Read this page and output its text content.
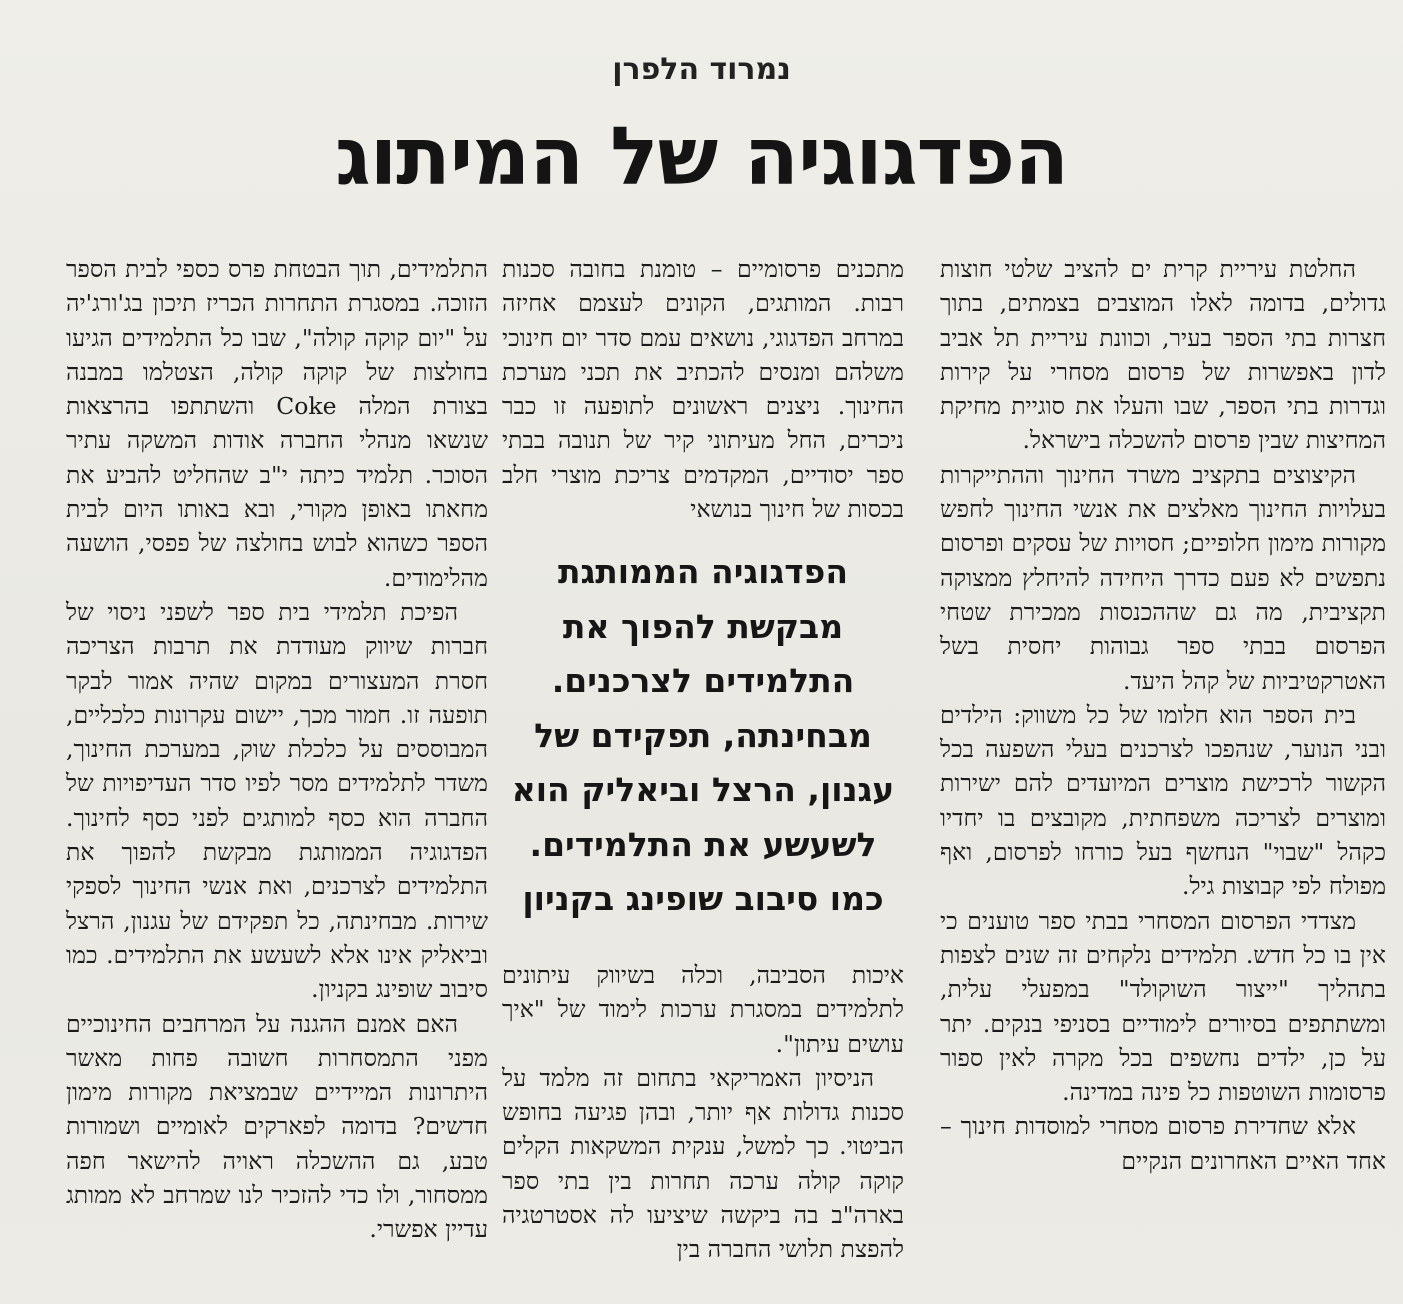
נמרוד הלפרן
הפדגוגיה של המיתוג

החלטת עיריית קרית ים להציב שלטי חוצות גדולים, בדומה לאלו המוצבים בצמתים, בתוך חצרות בתי הספר בעיר, וכוונת עיריית תל אביב לדון באפשרות של פרסום מסחרי על קירות וגדרות בתי הספר, שבו והעלו את סוגיית מחיקת המחיצות שבין פרסום להשכלה בישראל.

הקיצוצים בתקציב משרד החינוך וההתייקרות בעלויות החינוך מאלצים את אנשי החינוך לחפש מקורות מימון חלופיים; חסויות של עסקים ופרסום נתפשים לא פעם כדרך היחידה להיחלץ ממצוקה תקציבית, מה גם שההכנסות ממכירת שטחי הפרסום בבתי ספר גבוהות יחסית בשל האטרקטיביות של קהל היעד.

בית הספר הוא חלומו של כל משווק: הילדים ובני הנוער, שנהפכו לצרכנים בעלי השפעה בכל הקשור לרכישת מוצרים המיועדים להם ישירות ומוצרים לצריכה משפחתית, מקובצים בו יחדיו כקהל "שבוי" הנחשף בעל כורחו לפרסום, ואף מפולח לפי קבוצות גיל.

מצדדי הפרסום המסחרי בבתי ספר טוענים כי אין בו כל חדש. תלמידים נלקחים זה שנים לצפות בתהליך "ייצור השוקולד" במפעלי עלית, ומשתתפים בסיורים לימודיים בסניפי בנקים. יתר על כן, ילדים נחשפים בכל מקרה לאין ספור פרסומות השוטפות כל פינה במדינה.

אלא שחדירת פרסום מסחרי למוסדות חינוך – אחד האיים האחרונים הנקיים

מתכנים פרסומיים – טומנת בחובה סכנות רבות. המותגים, הקונים לעצמם אחיזה במרחב הפדגוגי, נושאים עמם סדר יום חינוכי משלהם ומנסים להכתיב את תכני מערכת החינוך. ניצנים ראשונים לתופעה זו כבר ניכרים, החל מעיתוני קיר של תנובה בבתי ספר יסודיים, המקדמים צריכת מוצרי חלב בכסות של חינוך בנושאי

איכות הסביבה, וכלה בשיווק עיתונים לתלמידים במסגרת ערכות לימוד של "איך עושים עיתון".

הניסיון האמריקאי בתחום זה מלמד על סכנות גדולות אף יותר, ובהן פגיעה בחופש הביטוי. כך למשל, ענקית המשקאות הקלים קוקה קולה ערכה תחרות בין בתי ספר בארה"ב בה ביקשה שיציעו לה אסטרטגיה להפצת תלושי החברה בין

הפדגוגיה הממותגת מבקשת להפוך את התלמידים לצרכנים. מבחינתה, תפקידם של עגנון, הרצל וביאליק הוא לשעשע את התלמידים. כמו סיבוב שופינג בקניון

התלמידים, תוך הבטחת פרס כספי לבית הספר הזוכה. במסגרת התחרות הכריז תיכון בג'ורג'יה על "יום קוקה קולה", שבו כל התלמידים הגיעו בחולצות של קוקה קולה, הצטלמו במבנה בצורת המלה Coke והשתתפו בהרצאות שנשאו מנהלי החברה אודות המשקה עתיר הסוכר. תלמיד כיתה י"ב שהחליט להביע את מחאתו באופן מקורי, ובא באותו היום לבית הספר כשהוא לבוש בחולצה של פפסי, הושעה מהלימודים.

הפיכת תלמידי בית ספר לשפני ניסוי של חברות שיווק מעודדת את תרבות הצריכה חסרת המעצורים במקום שהיה אמור לבקר תופעה זו. חמור מכך, יישום עקרונות כלכליים, המבוססים על כלכלת שוק, במערכת החינוך, משדר לתלמידים מסר לפיו סדר העדיפויות של החברה הוא כסף למותגים לפני כסף לחינוך. הפדגוגיה הממותגת מבקשת להפוך את התלמידים לצרכנים, ואת אנשי החינוך לספקי שירות. מבחינתה, כל תפקידם של עגנון, הרצל וביאליק אינו אלא לשעשע את התלמידים. כמו סיבוב שופינג בקניון.

האם אמנם ההגנה על המרחבים החינוכיים מפני התמסחרות חשובה פחות מאשר היתרונות המיידיים שבמציאת מקורות מימון חדשים? בדומה לפארקים לאומיים ושמורות טבע, גם ההשכלה ראויה להישאר חפה ממסחור, ולו כדי להזכיר לנו שמרחב לא ממותג עדיין אפשרי.
